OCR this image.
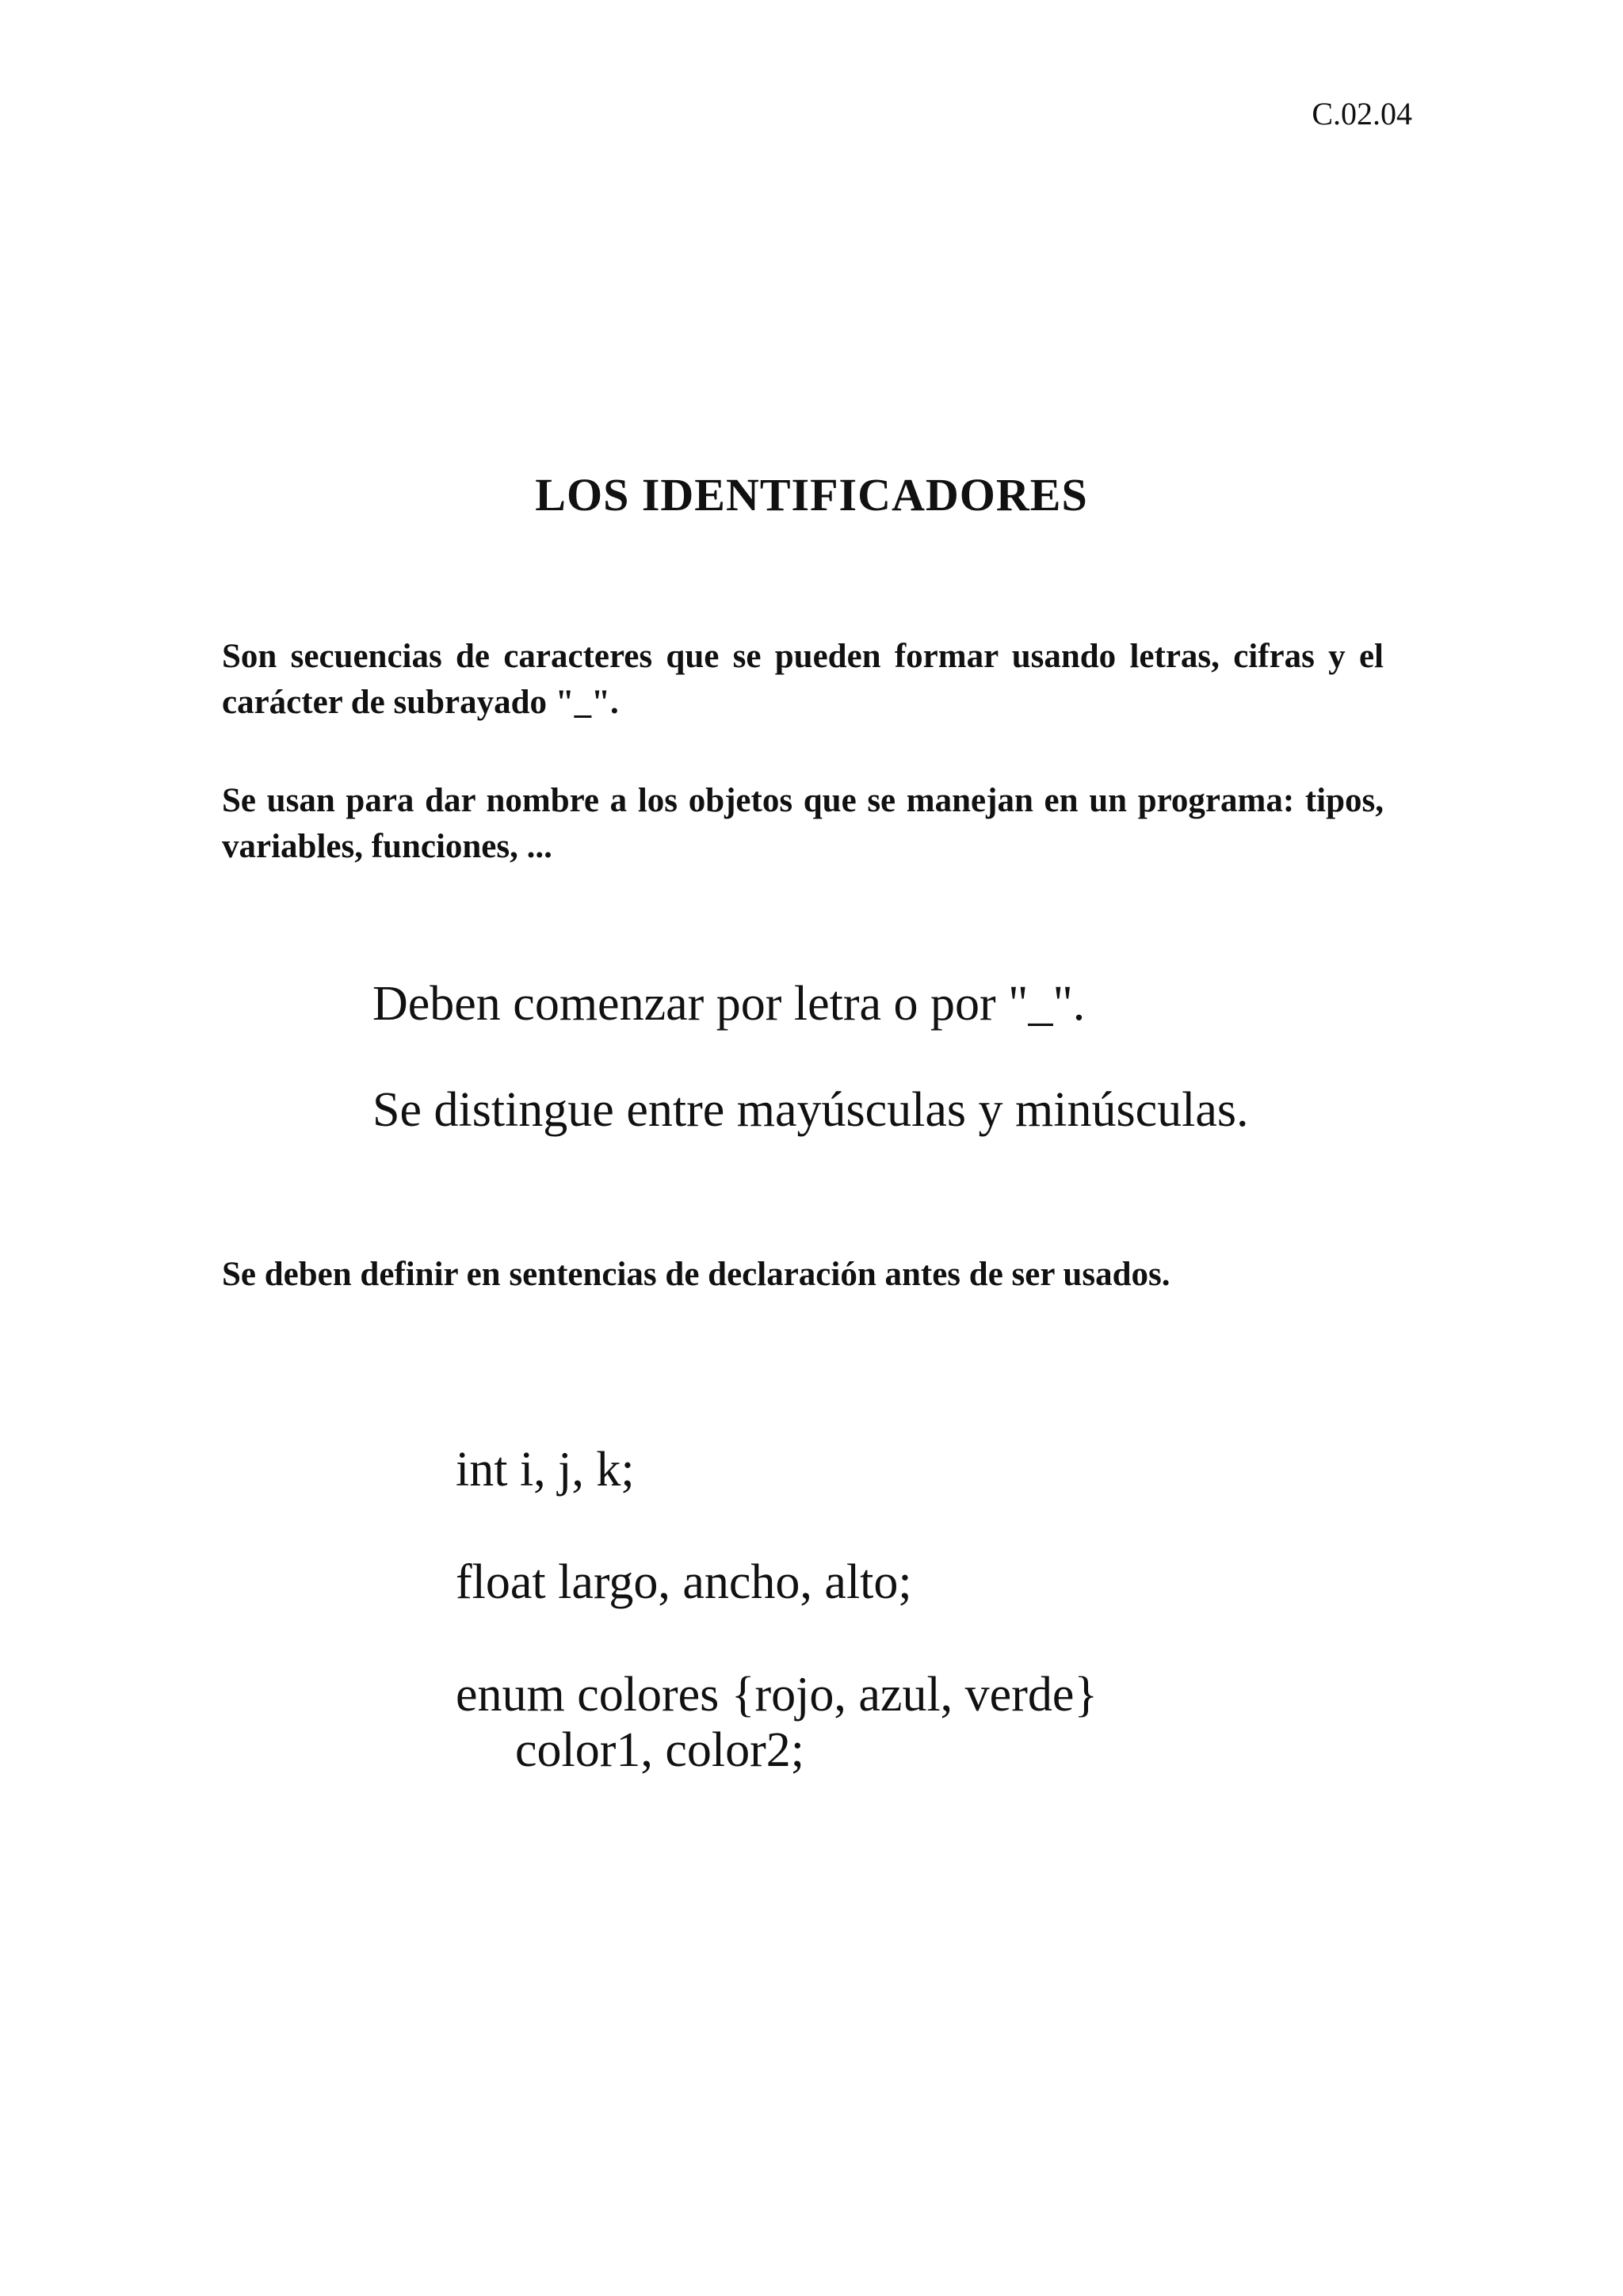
C.02.04
LOS IDENTIFICADORES

Son secuencias de caracteres que se pueden formar usando letras, cifras y el carácter de subrayado "_".

Se usan para dar nombre a los objetos que se manejan en un programa: tipos, variables, funciones, ...

Deben comenzar por letra o por "_".

Se distingue entre mayúsculas y minúsculas.

Se deben definir en sentencias de declaración antes de ser usados.

int i, j, k;

float largo, ancho, alto;

enum colores {rojo, azul, verde}

color1, color2;
